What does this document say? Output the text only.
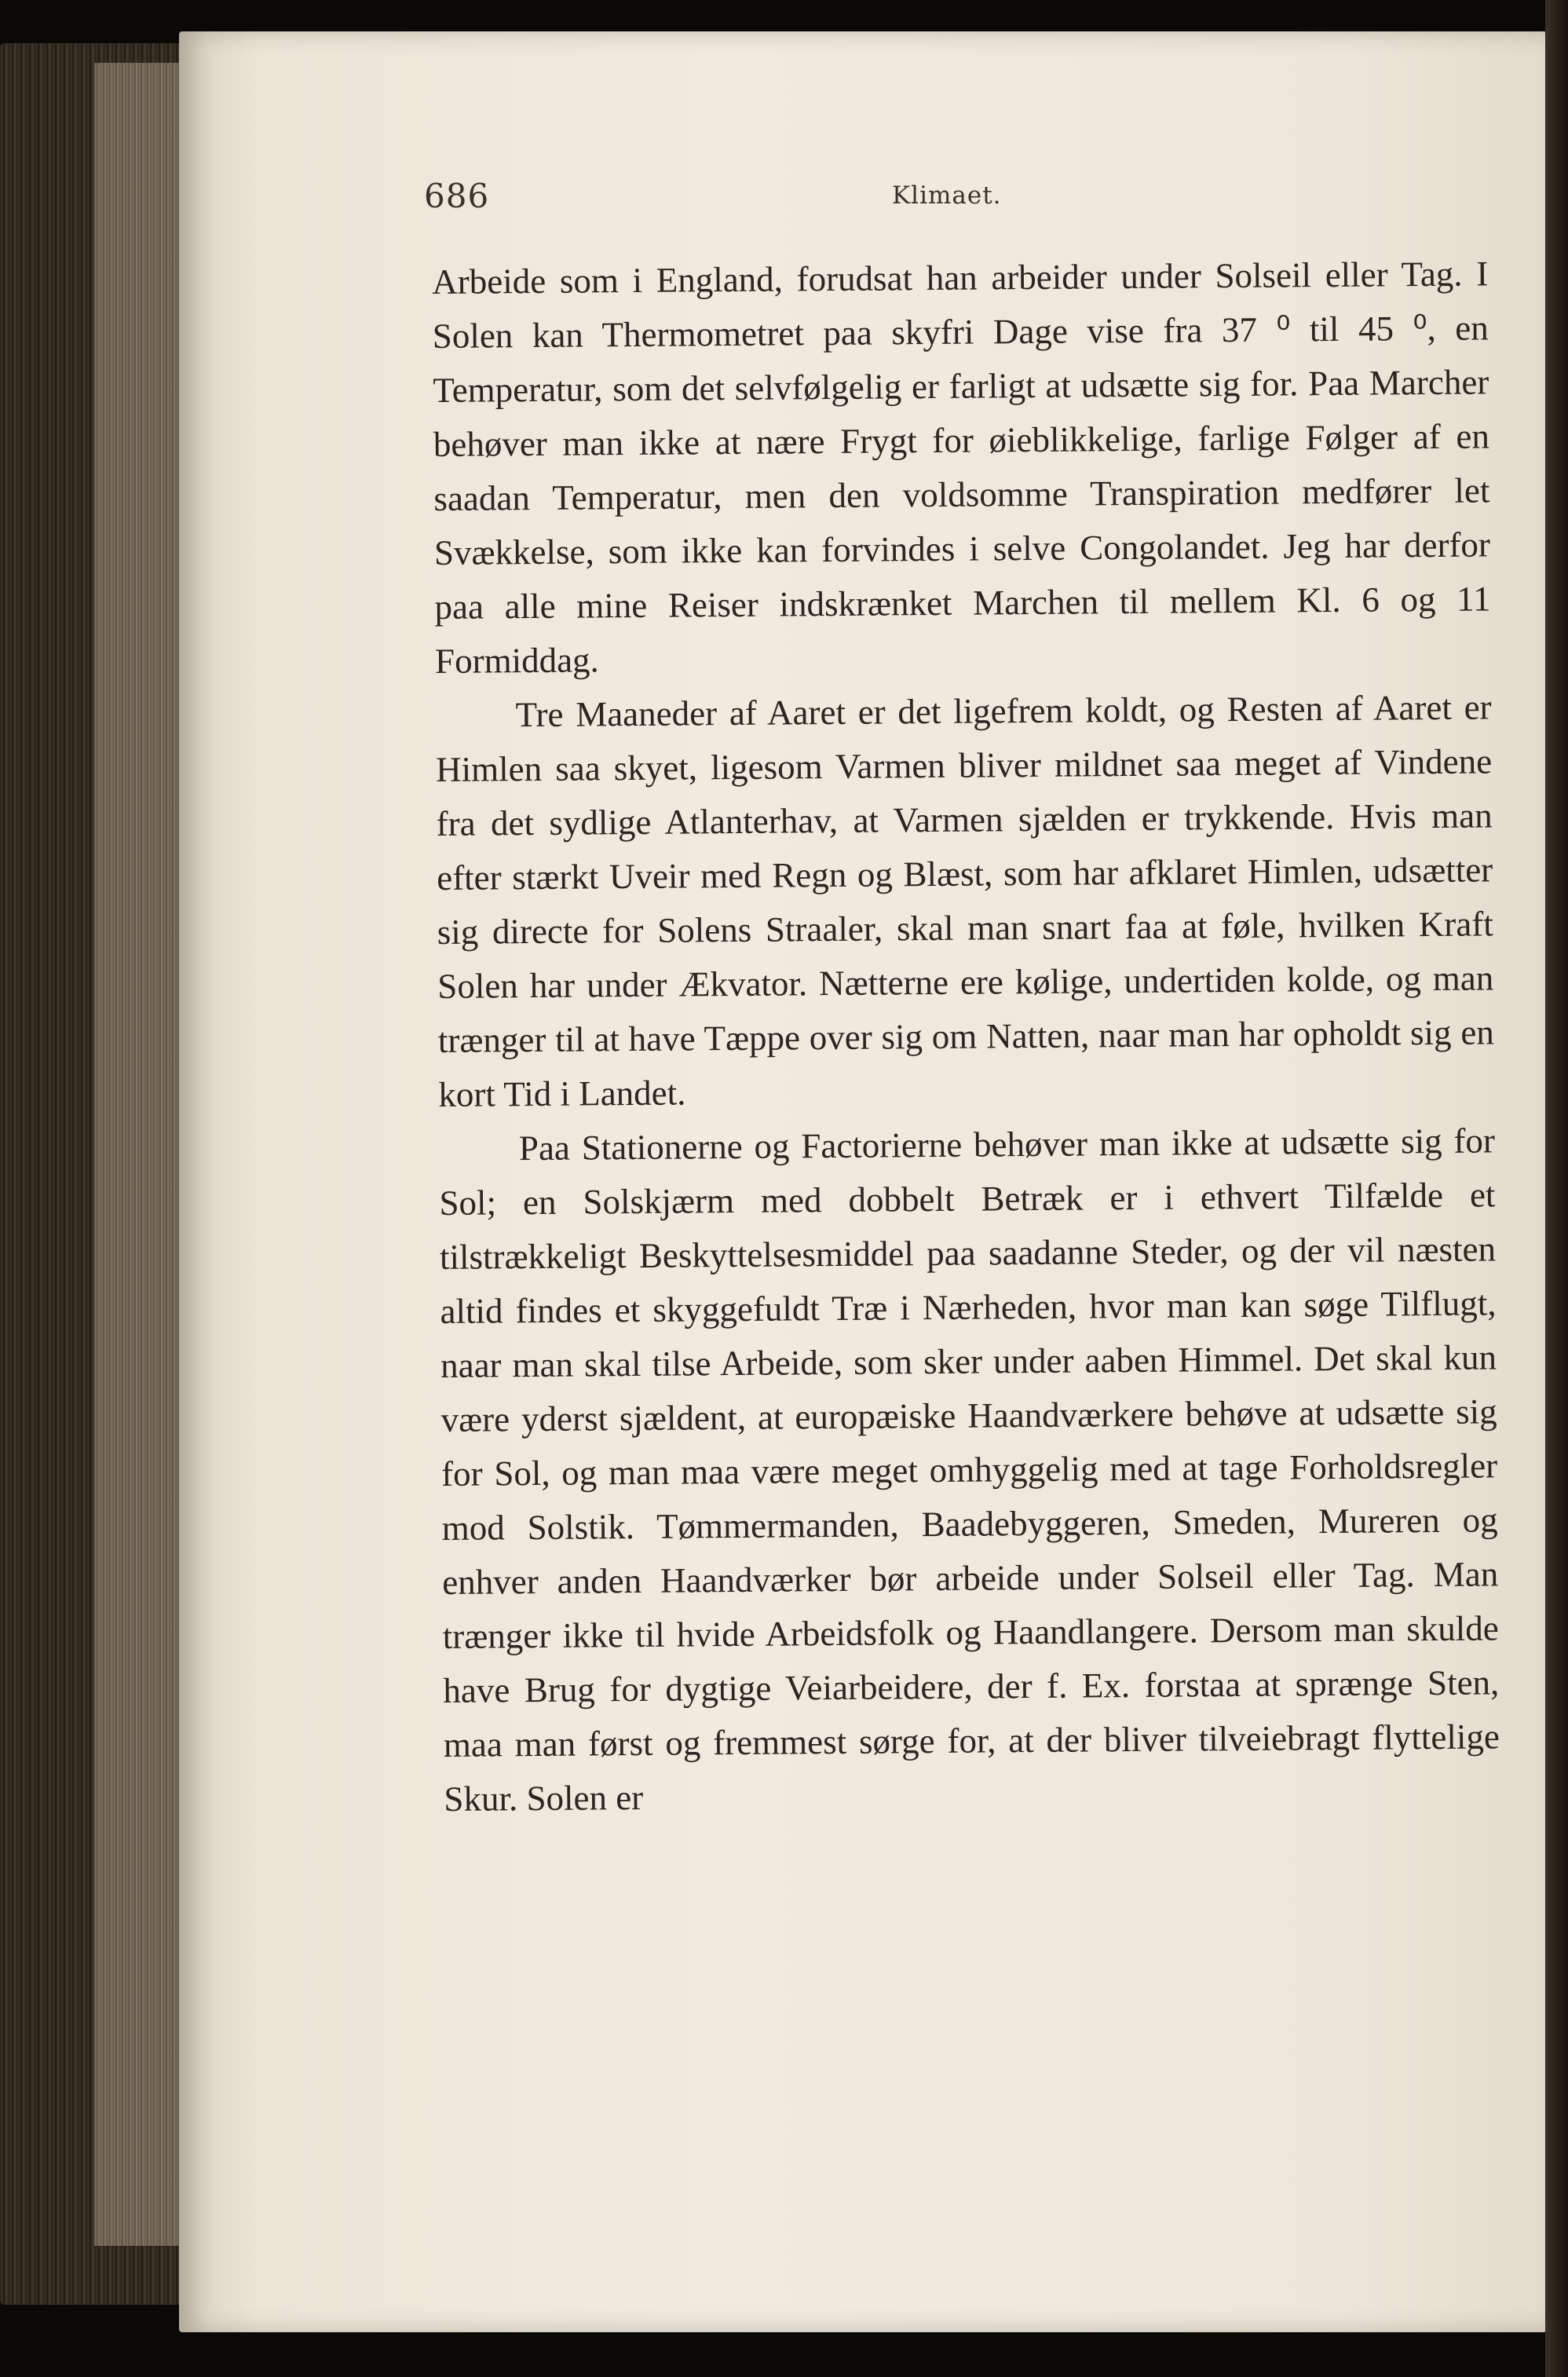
686	Klimaet.

Arbeide som i England, forudsat han arbeider under Solseil eller Tag. I Solen kan Thermometret paa skyfri Dage vise fra 37 ⁰ til 45 ⁰, en Temperatur, som det selvfølgelig er farligt at udsætte sig for. Paa Marcher behøver man ikke at nære Frygt for øieblikkelige, farlige Følger af en saadan Temperatur, men den voldsomme Transpiration medfører let Svækkelse, som ikke kan forvindes i selve Congolandet. Jeg har derfor paa alle mine Reiser indskrænket Marchen til mellem Kl. 6 og 11 Formiddag.

Tre Maaneder af Aaret er det ligefrem koldt, og Resten af Aaret er Himlen saa skyet, ligesom Varmen bliver mildnet saa meget af Vindene fra det sydlige Atlanterhav, at Varmen sjælden er trykkende. Hvis man efter stærkt Uveir med Regn og Blæst, som har afklaret Himlen, udsætter sig directe for Solens Straaler, skal man snart faa at føle, hvilken Kraft Solen har under Ækvator. Nætterne ere kølige, undertiden kolde, og man trænger til at have Tæppe over sig om Natten, naar man har opholdt sig en kort Tid i Landet.

Paa Stationerne og Factorierne behøver man ikke at udsætte sig for Sol; en Solskjærm med dobbelt Betræk er i ethvert Tilfælde et tilstrækkeligt Beskyttelsesmiddel paa saadanne Steder, og der vil næsten altid findes et skyggefuldt Træ i Nærheden, hvor man kan søge Tilflugt, naar man skal tilse Arbeide, som sker under aaben Himmel. Det skal kun være yderst sjældent, at europæiske Haandværkere behøve at udsætte sig for Sol, og man maa være meget omhyggelig med at tage Forholdsregler mod Solstik. Tømmermanden, Baadebyggeren, Smeden, Mureren og enhver anden Haandværker bør arbeide under Solseil eller Tag. Man trænger ikke til hvide Arbeidsfolk og Haandlangere. Dersom man skulde have Brug for dygtige Veiarbeidere, der f. Ex. forstaa at sprænge Sten, maa man først og fremmest sørge for, at der bliver tilveiebragt flyttelige Skur. Solen er
